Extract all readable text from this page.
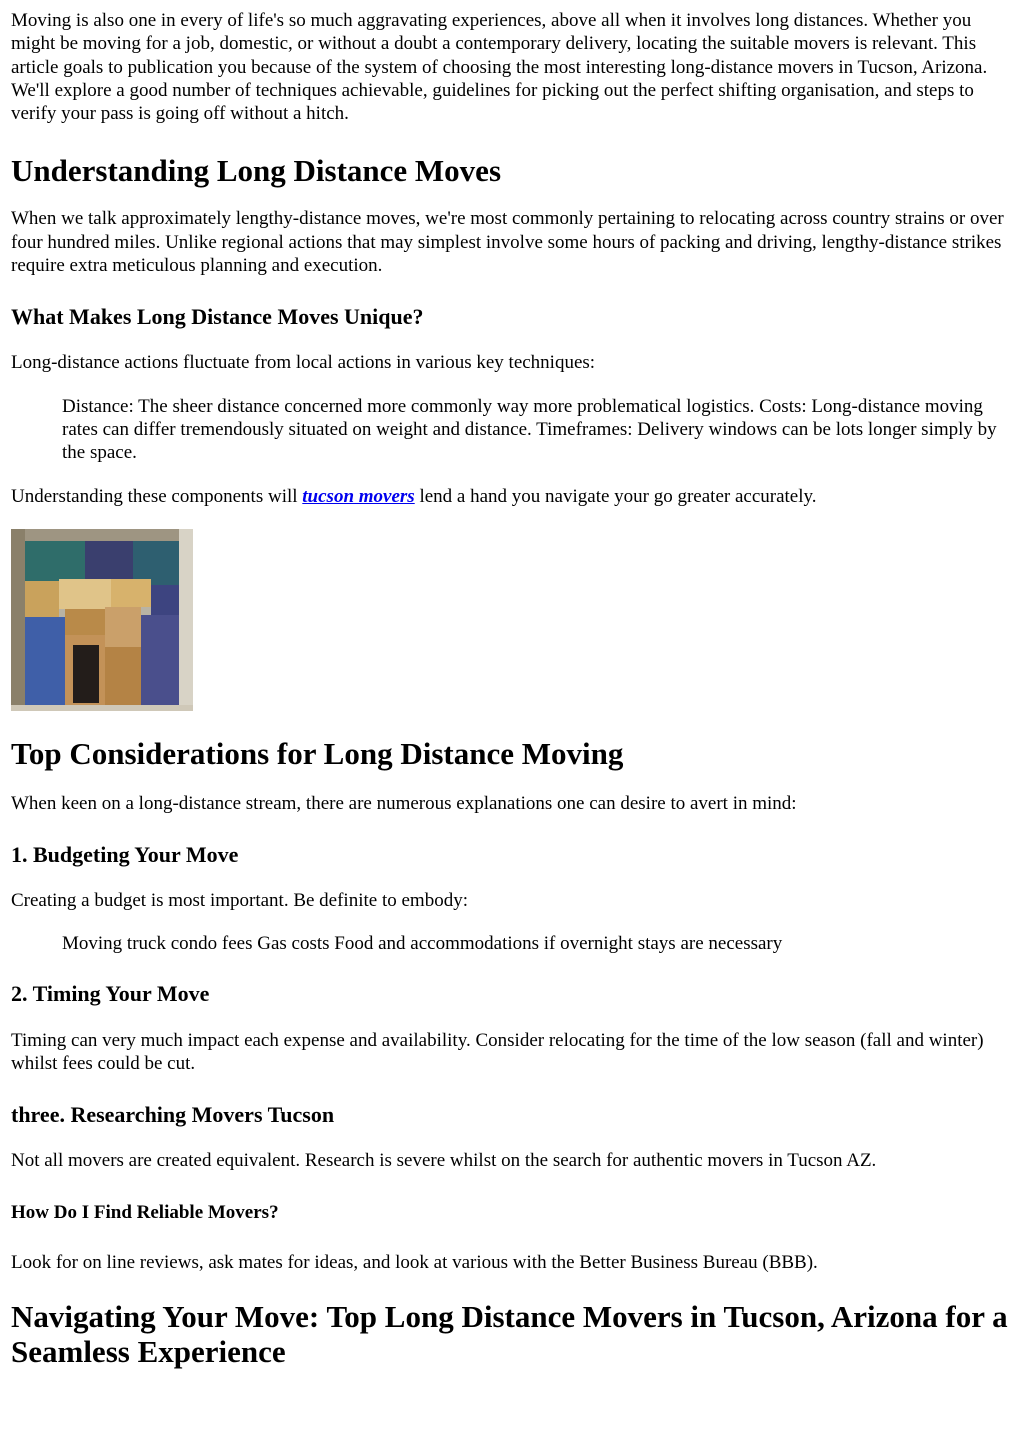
Moving is also one in every of life's so much aggravating experiences, above all when it involves long distances. Whether you might be moving for a job, domestic, or without a doubt a contemporary delivery, locating the suitable movers is relevant. This article goals to publication you because of the system of choosing the most interesting long-distance movers in Tucson, Arizona. We'll explore a good number of techniques achievable, guidelines for picking out the perfect shifting organisation, and steps to verify your pass is going off without a hitch.

Understanding Long Distance Moves

When we talk approximately lengthy-distance moves, we're most commonly pertaining to relocating across country strains or over four hundred miles. Unlike regional actions that may simplest involve some hours of packing and driving, lengthy-distance strikes require extra meticulous planning and execution.

What Makes Long Distance Moves Unique?

Long-distance actions fluctuate from local actions in various key techniques:

Distance: The sheer distance concerned more commonly way more problematical logistics. Costs: Long-distance moving rates can differ tremendously situated on weight and distance. Timeframes: Delivery windows can be lots longer simply by the space.

Understanding these components will tucson movers lend a hand you navigate your go greater accurately.

Top Considerations for Long Distance Moving

When keen on a long-distance stream, there are numerous explanations one can desire to avert in mind:

1. Budgeting Your Move

Creating a budget is most important. Be definite to embody:

Moving truck condo fees Gas costs Food and accommodations if overnight stays are necessary
2. Timing Your Move

Timing can very much impact each expense and availability. Consider relocating for the time of the low season (fall and winter) whilst fees could be cut.

three. Researching Movers Tucson

Not all movers are created equivalent. Research is severe whilst on the search for authentic movers in Tucson AZ.

How Do I Find Reliable Movers?

Look for on line reviews, ask mates for ideas, and look at various with the Better Business Bureau (BBB).

Navigating Your Move: Top Long Distance Movers in Tucson, Arizona for a Seamless Experience
